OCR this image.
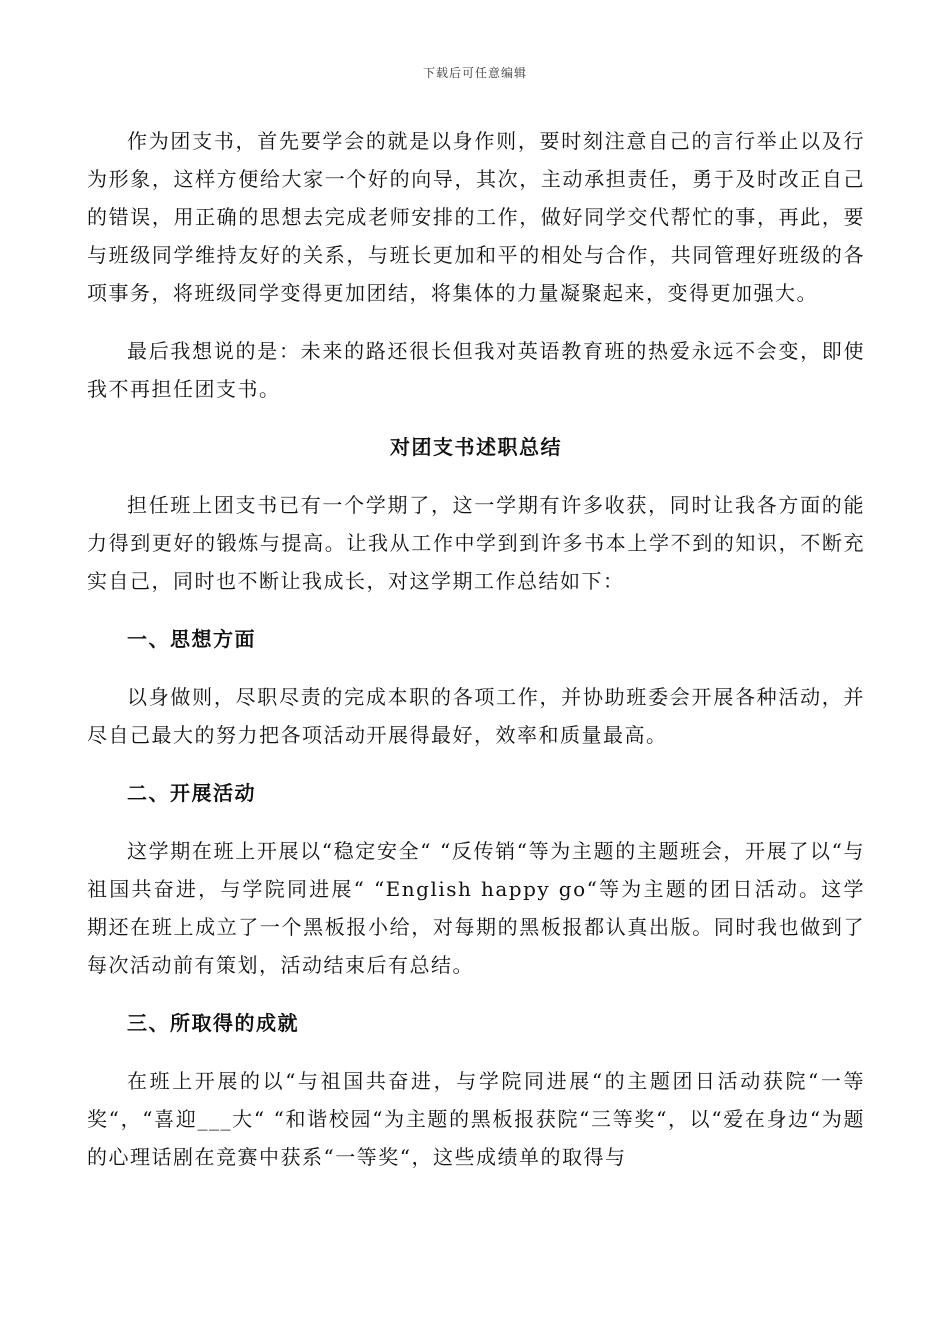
下载后可任意编辑

作为团支书，首先要学会的就是以身作则，要时刻注意自己的言行举止以及行为形象，这样方便给大家一个好的向导，其次，主动承担责任，勇于及时改正自己的错误，用正确的思想去完成老师安排的工作，做好同学交代帮忙的事，再此，要与班级同学维持友好的关系，与班长更加和平的相处与合作，共同管理好班级的各项事务，将班级同学变得更加团结，将集体的力量凝聚起来，变得更加强大。

最后我想说的是：未来的路还很长但我对英语教育班的热爱永远不会变，即使我不再担任团支书。

对团支书述职总结

担任班上团支书已有一个学期了，这一学期有许多收获，同时让我各方面的能力得到更好的锻炼与提高。让我从工作中学到到许多书本上学不到的知识，不断充实自己，同时也不断让我成长，对这学期工作总结如下：

一、思想方面

以身做则，尽职尽责的完成本职的各项工作，并协助班委会开展各种活动，并尽自己最大的努力把各项活动开展得最好，效率和质量最高。

二、开展活动

这学期在班上开展以“稳定安全“ “反传销“等为主题的主题班会，开展了以“与祖国共奋进，与学院同进展“ “English happy go“等为主题的团日活动。这学期还在班上成立了一个黑板报小给，对每期的黑板报都认真出版。同时我也做到了每次活动前有策划，活动结束后有总结。

三、所取得的成就

在班上开展的以“与祖国共奋进，与学院同进展“的主题团日活动获院“一等奖“，“喜迎___大“ “和谐校园“为主题的黑板报获院“三等奖“，以“爱在身边“为题的心理话剧在竞赛中获系“一等奖“，这些成绩单的取得与
